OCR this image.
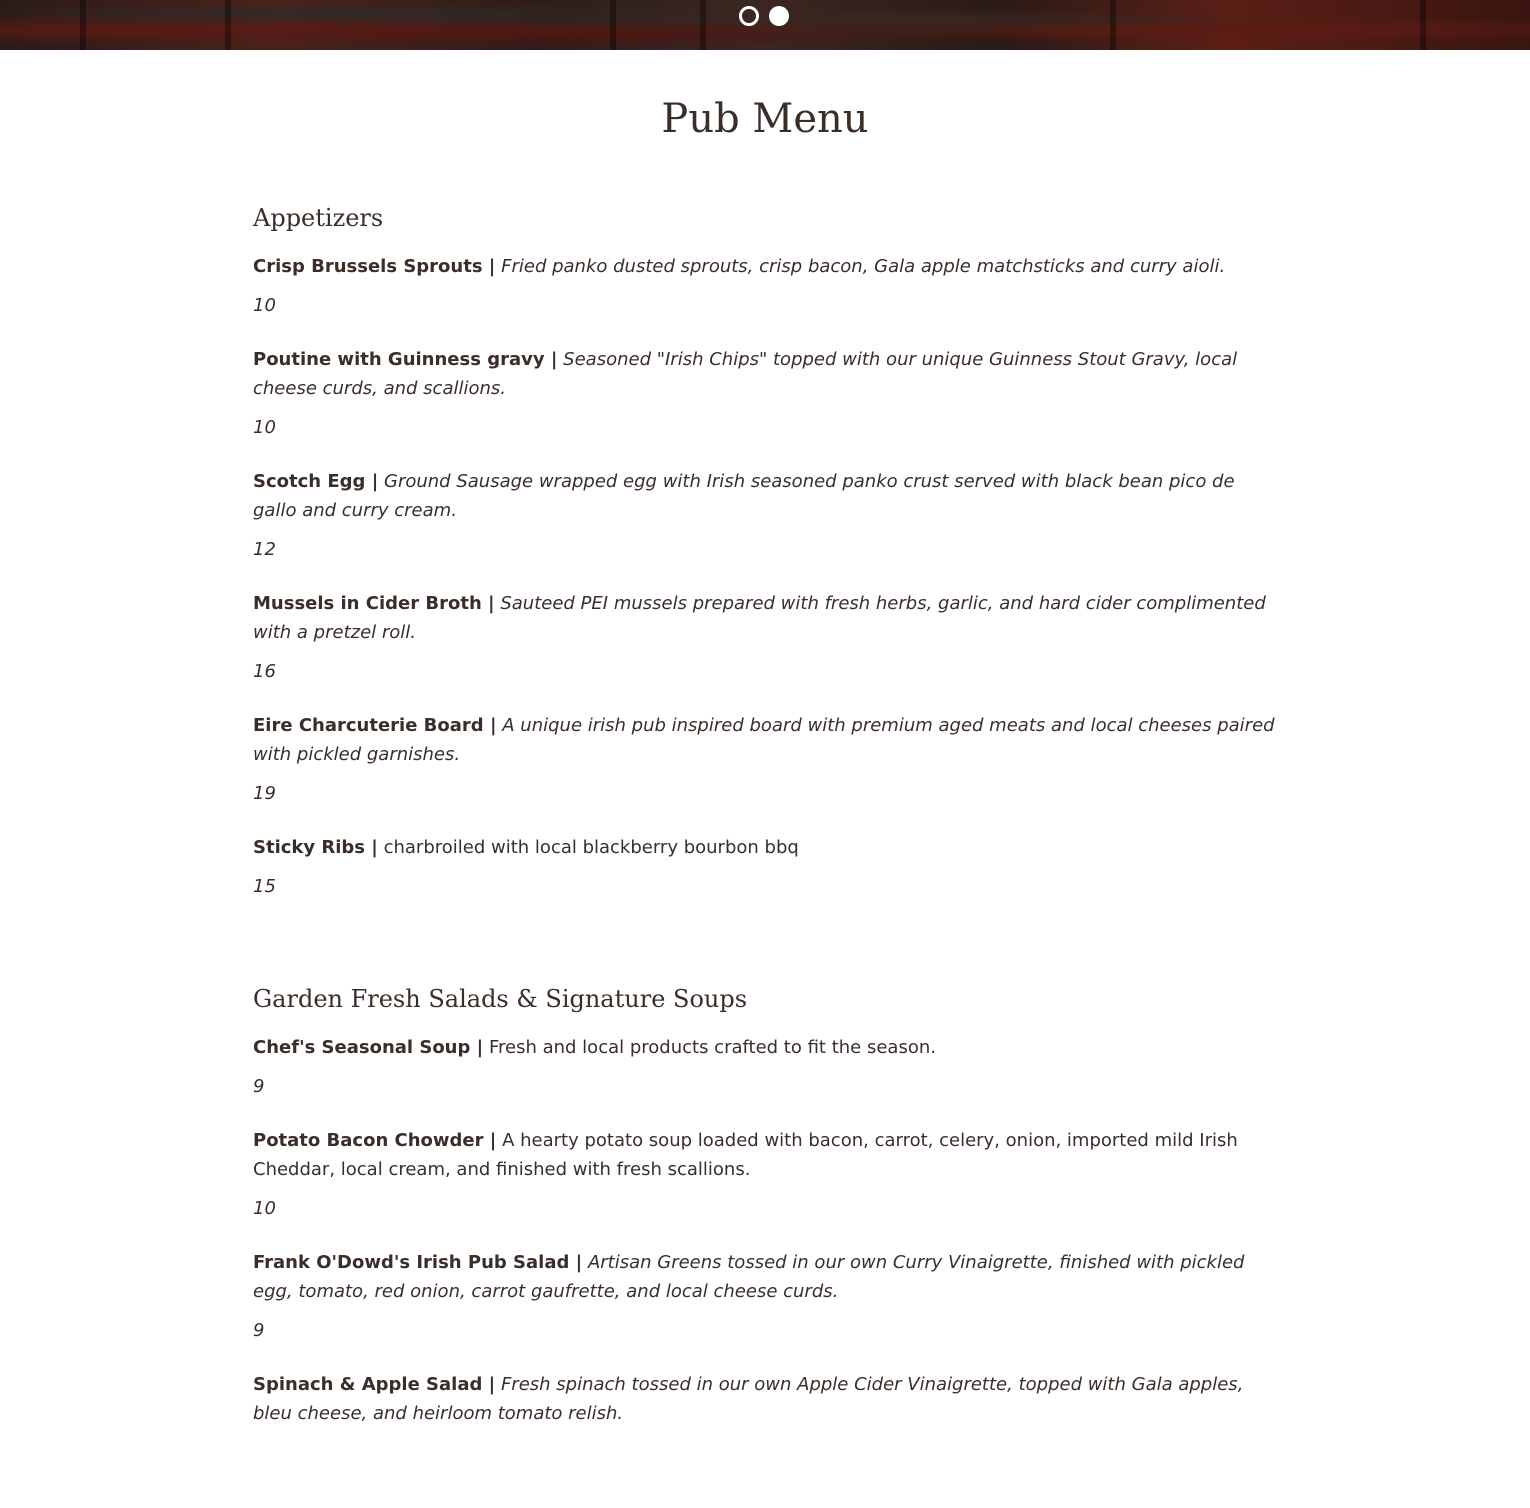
Pub Menu
Appetizers

Crisp Brussels Sprouts | Fried panko dusted sprouts, crisp bacon, Gala apple matchsticks and curry aioli.

10

Poutine with Guinness gravy | Seasoned "Irish Chips" topped with our unique Guinness Stout Gravy, local cheese curds, and scallions.

10

Scotch Egg | Ground Sausage wrapped egg with Irish seasoned panko crust served with black bean pico de gallo and curry cream.

12

Mussels in Cider Broth | Sauteed PEI mussels prepared with fresh herbs, garlic, and hard cider complimented with a pretzel roll.

16

Eire Charcuterie Board | A unique irish pub inspired board with premium aged meats and local cheeses paired with pickled garnishes.

19

Sticky Ribs | charbroiled with local blackberry bourbon bbq

15

Garden Fresh Salads & Signature Soups

Chef's Seasonal Soup | Fresh and local products crafted to fit the season.

9

Potato Bacon Chowder | A hearty potato soup loaded with bacon, carrot, celery, onion, imported mild Irish Cheddar, local cream, and finished with fresh scallions.

10

Frank O'Dowd's Irish Pub Salad | Artisan Greens tossed in our own Curry Vinaigrette, finished with pickled egg, tomato, red onion, carrot gaufrette, and local cheese curds.

9

Spinach & Apple Salad | Fresh spinach tossed in our own Apple Cider Vinaigrette, topped with Gala apples, bleu cheese, and heirloom tomato relish.
